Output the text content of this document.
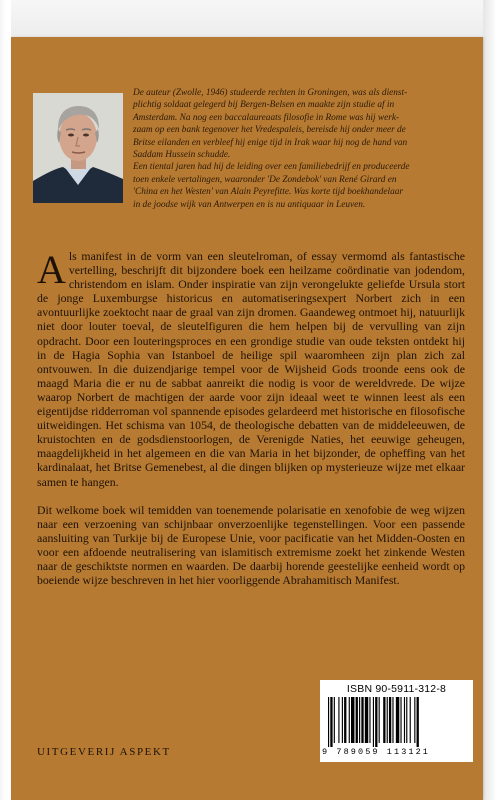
De auteur (Zwolle, 1946) studeerde rechten in Groningen, was als dienst-

plichtig soldaat gelegerd bij Bergen-Belsen en maakte zijn studie af in

Amsterdam. Na nog een baccalaureaats filosofie in Rome was hij werk-

zaam op een bank tegenover het Vredespaleis, bereisde hij onder meer de

Britse eilanden en verbleef hij enige tijd in Irak waar hij nog de hand van

Saddam Hussein schudde.

Een tiental jaren had hij de leiding over een familiebedrijf en produceerde

toen enkele vertalingen, waaronder 'De Zondebok' van René Girard en

'China en het Westen' van Alain Peyrefitte. Was korte tijd boekhandelaar

in de joodse wijk van Antwerpen en is nu antiquaar in Leuven.

Als manifest in de vorm van een sleutelroman, of essay vermomd als fantastische vertelling, beschrijft dit bijzondere boek een heilzame coördinatie van jodendom, christendom en islam. Onder inspiratie van zijn verongelukte geliefde Ursula stort de jonge Luxemburgse historicus en automatiseringsexpert Norbert zich in een avontuurlijke zoektocht naar de graal van zijn dromen. Gaandeweg ontmoet hij, natuurlijk niet door louter toeval, de sleutelfiguren die hem helpen bij de vervulling van zijn opdracht. Door een louteringsproces en een grondige studie van oude teksten ontdekt hij in de Hagia Sophia van Istanboel de heilige spil waaromheen zijn plan zich zal ontvouwen. In die duizendjarige tempel voor de Wijsheid Gods troonde eens ook de maagd Maria die er nu de sabbat aanreikt die nodig is voor de wereldvrede. De wijze waarop Norbert de machtigen der aarde voor zijn ideaal weet te winnen leest als een eigentijdse ridderroman vol spannende episodes gelardeerd met historische en filosofische uitweidingen. Het schisma van 1054, de theologische debatten van de middeleeuwen, de kruistochten en de godsdienstoorlogen, de Verenigde Naties, het eeuwige geheugen, maagdelijkheid in het algemeen en die van Maria in het bijzonder, de opheffing van het kardinalaat, het Britse Gemenebest, al die dingen blijken op mysterieuze wijze met elkaar samen te hangen.

Dit welkome boek wil temidden van toenemende polarisatie en xenofobie de weg wijzen naar een verzoening van schijnbaar onverzoenlijke tegenstellingen. Voor een passende aansluiting van Turkije bij de Europese Unie, voor pacificatie van het Midden-Oosten en voor een afdoende neutralisering van islamitisch extremisme zoekt het zinkende Westen naar de geschiktste normen en waarden. De daarbij horende geestelijke eenheid wordt op boeiende wijze beschreven in het hier voorliggende Abrahamitisch Manifest.

ISBN 90-5911-312-8
9 789059 113121
UITGEVERIJ ASPEKT
